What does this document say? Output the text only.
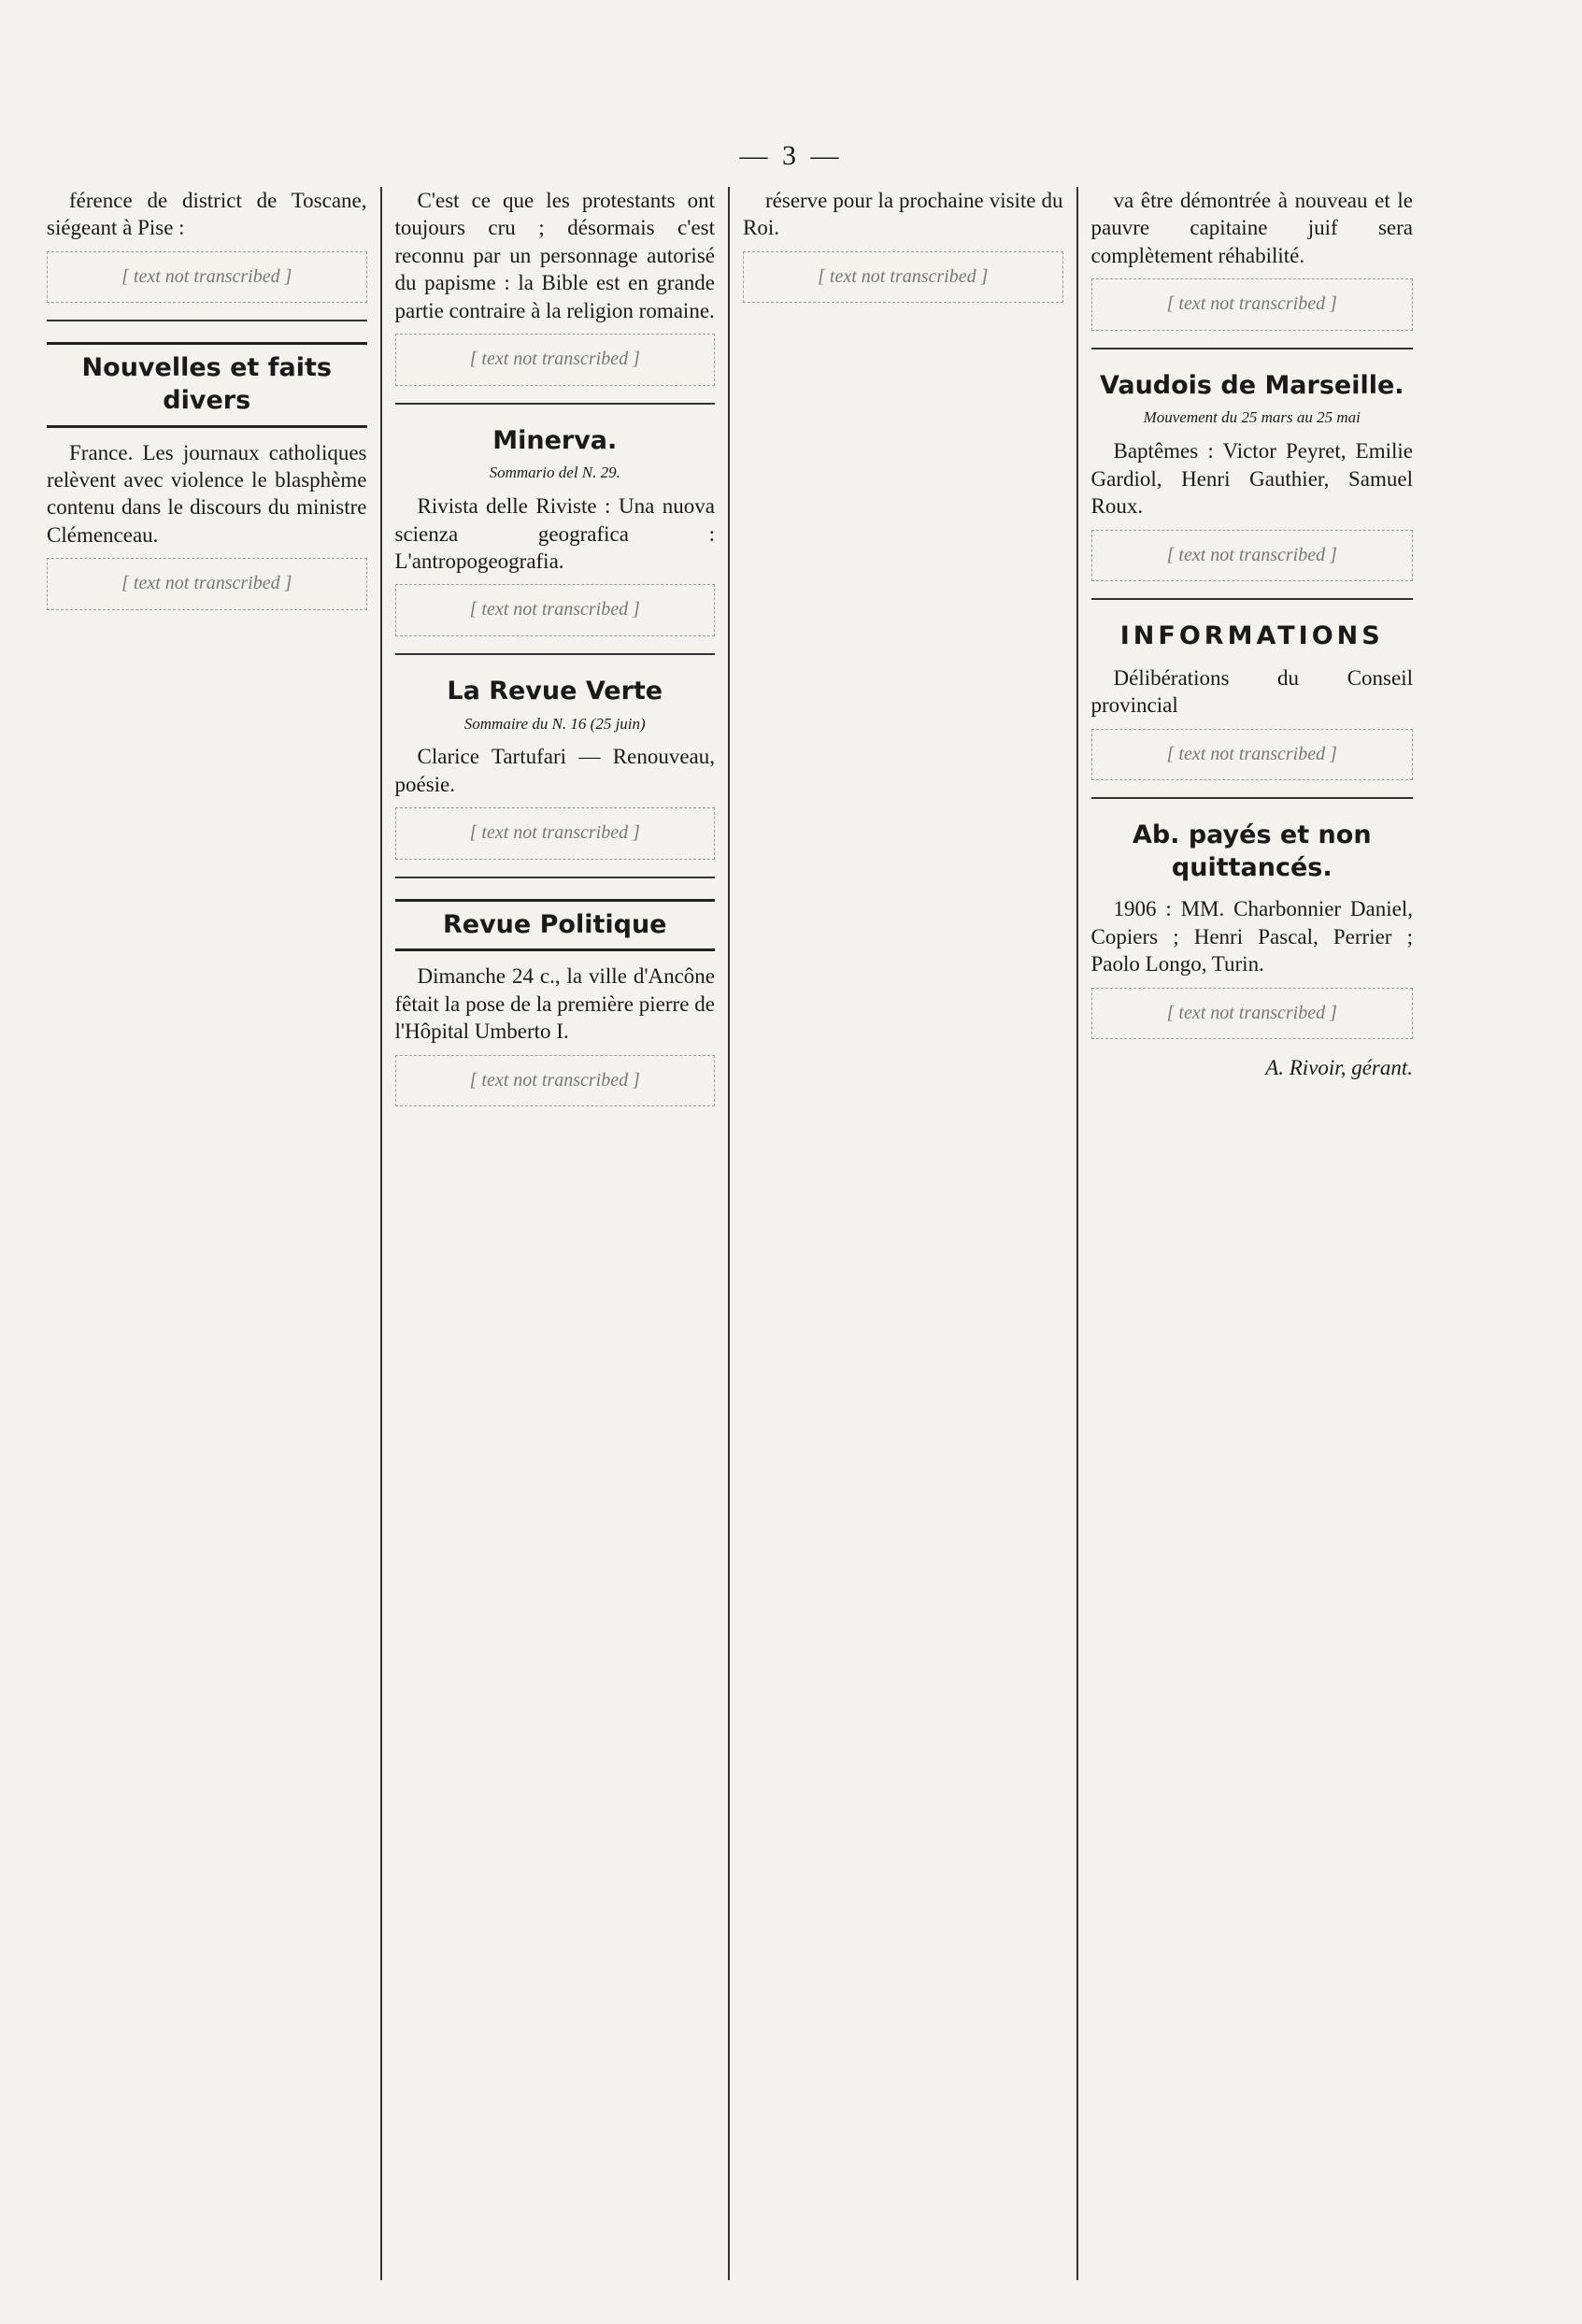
— 3 —

férence de district de Toscane, siégeant à Pise :

[ text not transcribed ]
Nouvelles et faits divers

France. Les journaux catholiques relèvent avec violence le blasphème contenu dans le discours du ministre Clémenceau.

[ text not transcribed ]

C'est ce que les protestants ont toujours cru ; désormais c'est reconnu par un personnage autorisé du papisme : la Bible est en grande partie contraire à la religion romaine.

[ text not transcribed ]
Minerva.
Sommario del N. 29.

Rivista delle Riviste : Una nuova scienza geografica : L'antropogeografia.

[ text not transcribed ]
La Revue Verte
Sommaire du N. 16 (25 juin)

Clarice Tartufari — Renouveau, poésie.

[ text not transcribed ]
Revue Politique

Dimanche 24 c., la ville d'Ancône fêtait la pose de la première pierre de l'Hôpital Umberto I.

[ text not transcribed ]

réserve pour la prochaine visite du Roi.

[ text not transcribed ]

va être démontrée à nouveau et le pauvre capitaine juif sera complètement réhabilité.

[ text not transcribed ]
Vaudois de Marseille.
Mouvement du 25 mars au 25 mai

Baptêmes : Victor Peyret, Emilie Gardiol, Henri Gauthier, Samuel Roux.

[ text not transcribed ]
INFORMATIONS

Délibérations du Conseil provincial

[ text not transcribed ]
Ab. payés et non quittancés.

1906 : MM. Charbonnier Daniel, Copiers ; Henri Pascal, Perrier ; Paolo Longo, Turin.

[ text not transcribed ]
A. Rivoir, gérant.
